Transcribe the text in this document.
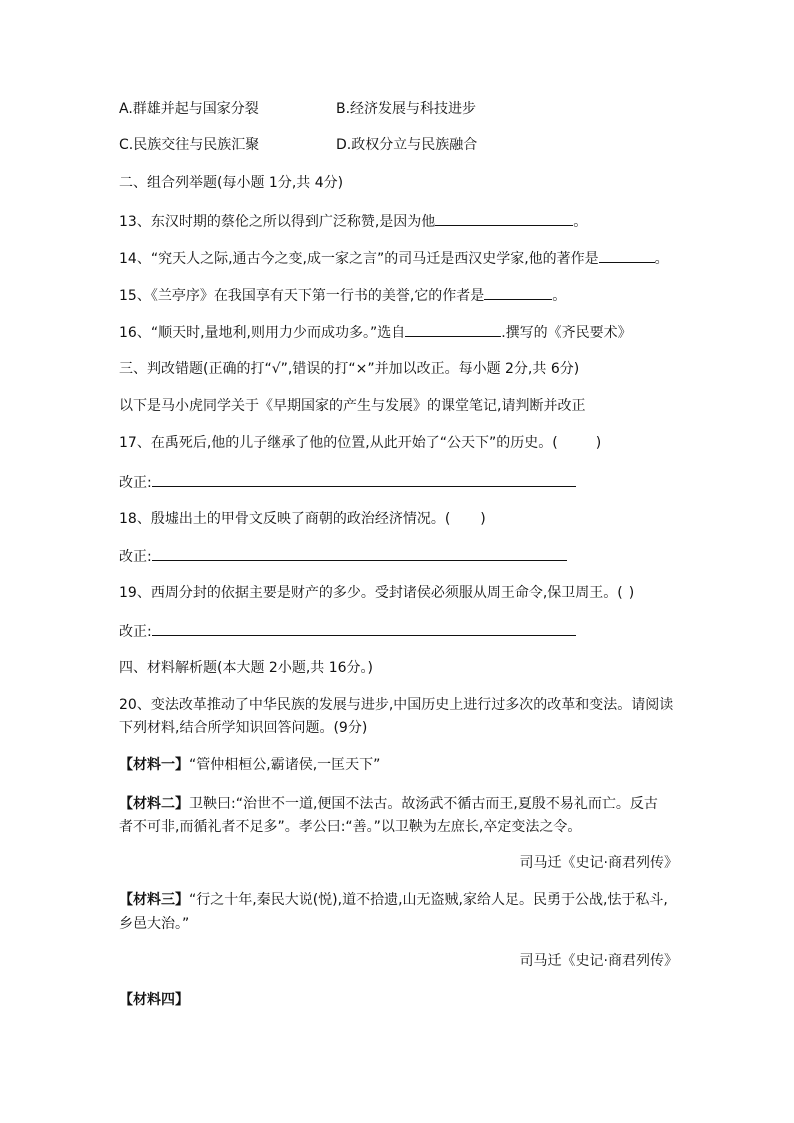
A.群雄并起与国家分裂	B.经济发展与科技进步
C.民族交往与民族汇聚	D.政权分立与民族融合
二、组合列举题(每小题 1分,共 4分)
13、东汉时期的蔡伦之所以得到广泛称赞,是因为他	。
14、“究天人之际,通古今之变,成一家之言”的司马迁是西汉史学家,他的著作是	。
15、《兰亭序》在我国享有天下第一行书的美誉,它的作者是	。
16、“顺天时,量地利,则用力少而成功多。”选自	.撰写的《齐民要术》
三、判改错题(正确的打“√”,错误的打“×”并加以改正。每小题 2分,共 6分)
以下是马小虎同学关于《早期国家的产生与发展》的课堂笔记,请判断并改正
17、在禹死后,他的儿子继承了他的位置,从此开始了“公天下”的历史。(	)
改正:
18、殷墟出土的甲骨文反映了商朝的政治经济情况。( )
改正:
19、西周分封的依据主要是财产的多少。受封诸侯必须服从周王命令,保卫周王。( )
改正:
四、材料解析题(本大题 2小题,共 16分。)
20、变法改革推动了中华民族的发展与进步,中国历史上进行过多次的改革和变法。请阅读
下列材料,结合所学知识回答问题。(9分)
【材料一】“管仲相桓公,霸诸侯,一匡天下”
【材料二】卫鞅曰:“治世不一道,便国不法古。故汤武不循古而王,夏殷不易礼而亡。反古
者不可非,而循礼者不足多”。孝公曰:“善。”以卫鞅为左庶长,卒定变法之令。
司马迁《史记·商君列传》
【材料三】“行之十年,秦民大说(悦),道不拾遗,山无盗贼,家给人足。民勇于公战,怯于私斗,
乡邑大治。”
司马迁《史记·商君列传》
【材料四】
